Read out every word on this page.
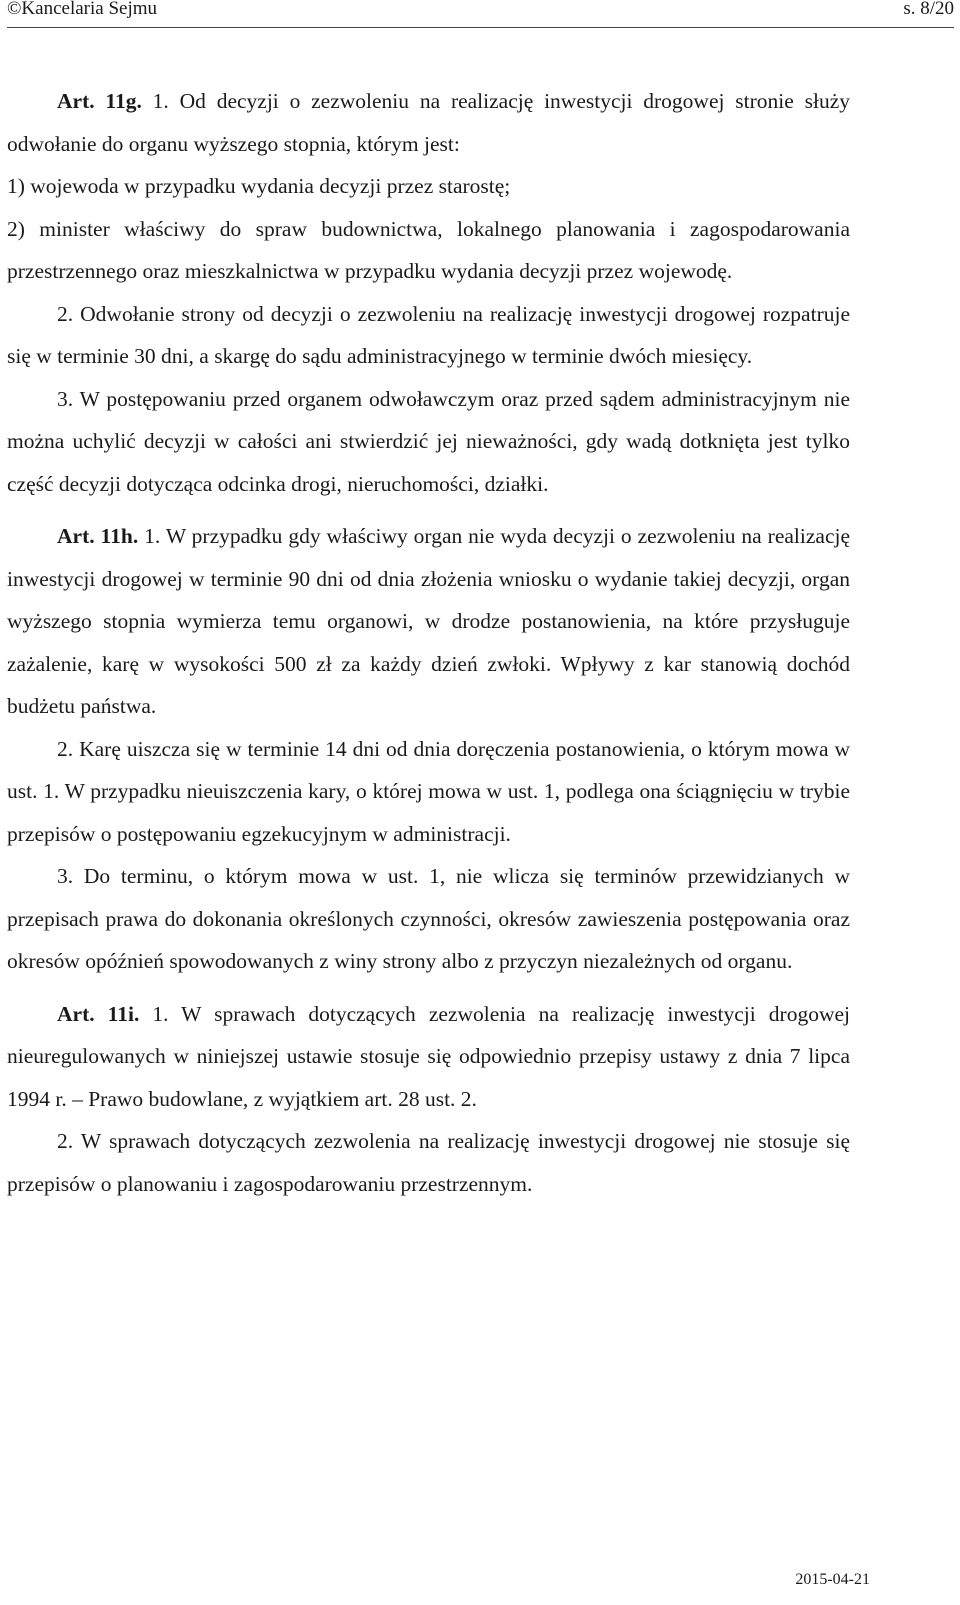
©Kancelaria Sejmu	s. 8/20

Art. 11g. 1. Od decyzji o zezwoleniu na realizację inwestycji drogowej stronie służy odwołanie do organu wyższego stopnia, którym jest:

1) wojewoda w przypadku wydania decyzji przez starostę;

2) minister właściwy do spraw budownictwa, lokalnego planowania i zagospodarowania przestrzennego oraz mieszkalnictwa w przypadku wydania decyzji przez wojewodę.

2. Odwołanie strony od decyzji o zezwoleniu na realizację inwestycji drogowej rozpatruje się w terminie 30 dni, a skargę do sądu administracyjnego w terminie dwóch miesięcy.

3. W postępowaniu przed organem odwoławczym oraz przed sądem administracyjnym nie można uchylić decyzji w całości ani stwierdzić jej nieważności, gdy wadą dotknięta jest tylko część decyzji dotycząca odcinka drogi, nieruchomości, działki.

Art. 11h. 1. W przypadku gdy właściwy organ nie wyda decyzji o zezwoleniu na realizację inwestycji drogowej w terminie 90 dni od dnia złożenia wniosku o wydanie takiej decyzji, organ wyższego stopnia wymierza temu organowi, w drodze postanowienia, na które przysługuje zażalenie, karę w wysokości 500 zł za każdy dzień zwłoki. Wpływy z kar stanowią dochód budżetu państwa.

2. Karę uiszcza się w terminie 14 dni od dnia doręczenia postanowienia, o którym mowa w ust. 1. W przypadku nieuiszczenia kary, o której mowa w ust. 1, podlega ona ściągnięciu w trybie przepisów o postępowaniu egzekucyjnym w administracji.

3. Do terminu, o którym mowa w ust. 1, nie wlicza się terminów przewidzianych w przepisach prawa do dokonania określonych czynności, okresów zawieszenia postępowania oraz okresów opóźnień spowodowanych z winy strony albo z przyczyn niezależnych od organu.

Art. 11i. 1. W sprawach dotyczących zezwolenia na realizację inwestycji drogowej nieuregulowanych w niniejszej ustawie stosuje się odpowiednio przepisy ustawy z dnia 7 lipca 1994 r. – Prawo budowlane, z wyjątkiem art. 28 ust. 2.

2. W sprawach dotyczących zezwolenia na realizację inwestycji drogowej nie stosuje się przepisów o planowaniu i zagospodarowaniu przestrzennym.

2015-04-21
